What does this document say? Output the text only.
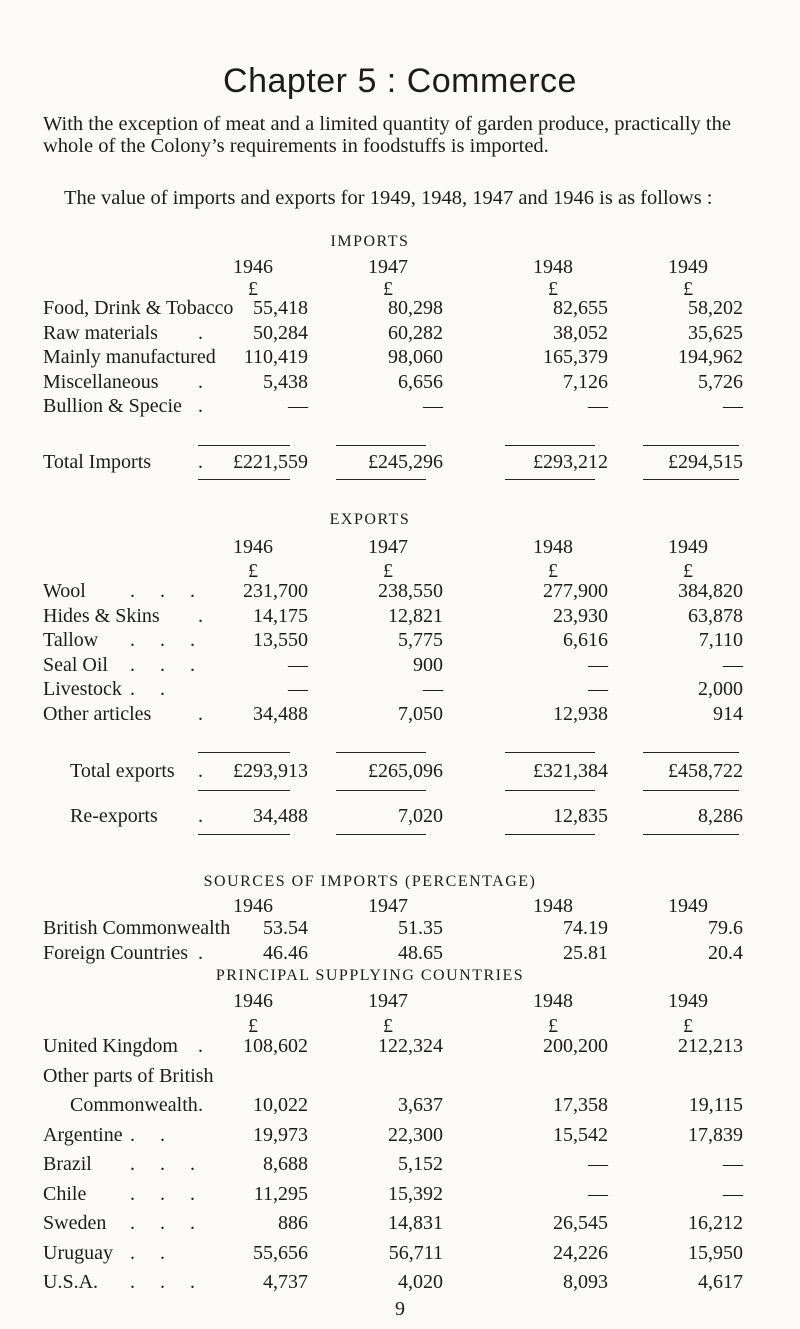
Chapter 5 : Commerce

With the exception of meat and a limited quantity of garden produce, practically the whole of the Colony’s requirements in foodstuffs is imported.

The value of imports and exports for 1949, 1948, 1947 and 1946 is as follows :

IMPORTS
1946	1947	1948	1949
£	£	£	£
Food, Drink & Tobacco 55,418	80,298	82,655	58,202
Raw materials .	50,284	60,282	38,052	35,625
Mainly manufactured	110,419	98,060	165,379	194,962
Miscellaneous .	5,438	6,656	7,126	5,726
Bullion & Specie .	—	—	—	—
Total Imports .	£221,559	£245,296	£293,212	£294,515
EXPORTS
1946	1947	1948	1949
£	£	£	£
Wool .     .     .	231,700	238,550	277,900	384,820
Hides & Skins .	14,175	12,821	23,930	63,878
Tallow .     .     .	13,550	5,775	6,616	7,110
Seal Oil .     .     .	—	900	—	—
Livestock .     .	—	—	—	2,000
Other articles .	34,488	7,050	12,938	914
Total exports .	£293,913	£265,096	£321,384	£458,722
Re-exports .	34,488	7,020	12,835	8,286
SOURCES OF IMPORTS (PERCENTAGE)
1946	1947	1948	1949
British Commonwealth	53.54	51.35	74.19	79.6
Foreign Countries .	46.46	48.65	25.81	20.4
PRINCIPAL SUPPLYING COUNTRIES
1946	1947	1948	1949
£	£	£	£
United Kingdom .	108,602	122,324	200,200	212,213
Other parts of British
Commonwealth .	10,022	3,637	17,358	19,115
Argentine .     .	19,973	22,300	15,542	17,839
Brazil .     .     .	8,688	5,152	—	—
Chile .     .     .	11,295	15,392	—	—
Sweden .     .     .	886	14,831	26,545	16,212
Uruguay .     .	55,656	56,711	24,226	15,950
U.S.A. .     .     .	4,737	4,020	8,093	4,617
9
